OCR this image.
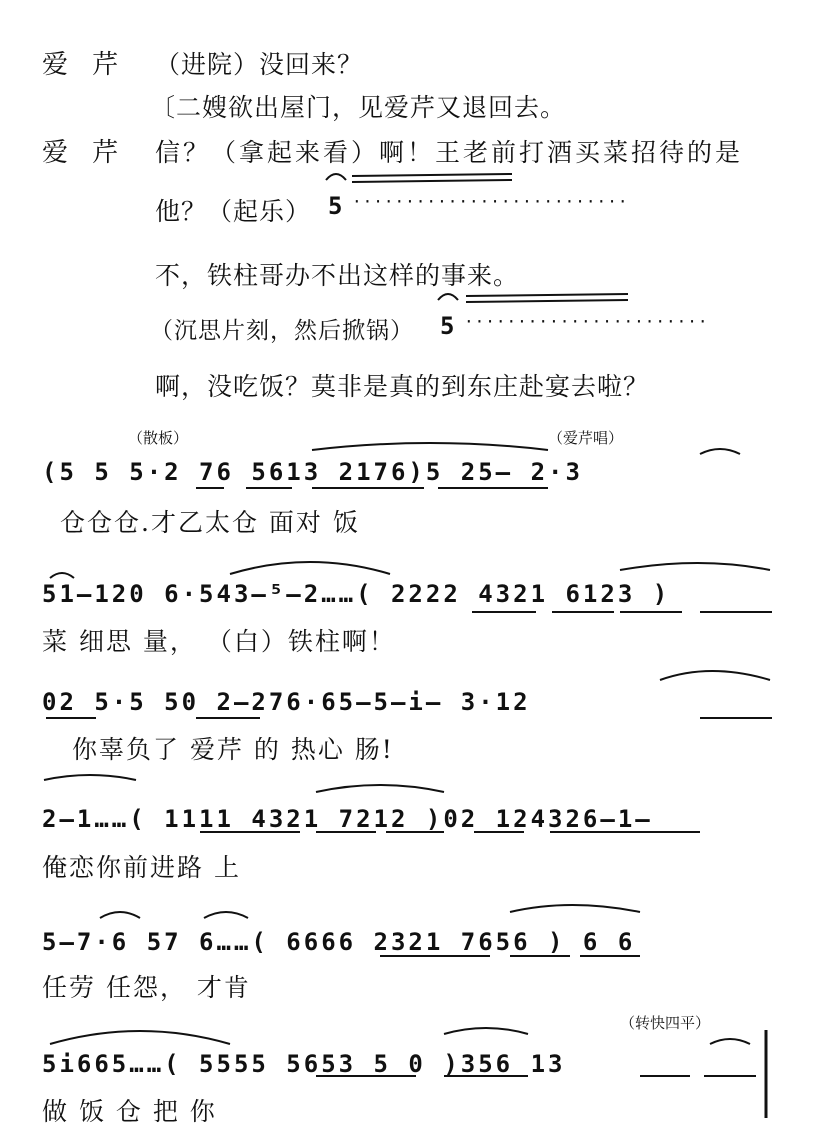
爱 芹 （进院）没回来？
〔二嫂欲出屋门，见爱芹又退回去。
爱 芹 信？（拿起来看）啊！王老前打酒买菜招待的是
他？（起乐） 5 ··························
不，铁柱哥办不出这样的事来。
（沉思片刻，然后掀锅） 5 ·······················
啊，没吃饭？莫非是真的到东庄赴宴去啦？
（散板）	（爱芹唱）
（转快四平）
(5 5 5·2 76 5613 2176)5 25– 2·3
仓仓仓.才乙太仓 面对 饭
51–120 6·543–⁵–2……( 2222 4321 6123 )
菜 细思 量， （白）铁柱啊！
02 5·5 50 2–276·65–5–i– 3·12
你辜负了 爱芹 的 热心 肠!
2–1……( 1111 4321 7212 )02 124326–1–
俺恋你前进路 上
5–7·6 57 6……( 6666 2321 7656 ) 6 6
任劳 任怨， 才肯
5i665……( 5555 5653 5 0 )356 13
做 饭 仓 把 你
